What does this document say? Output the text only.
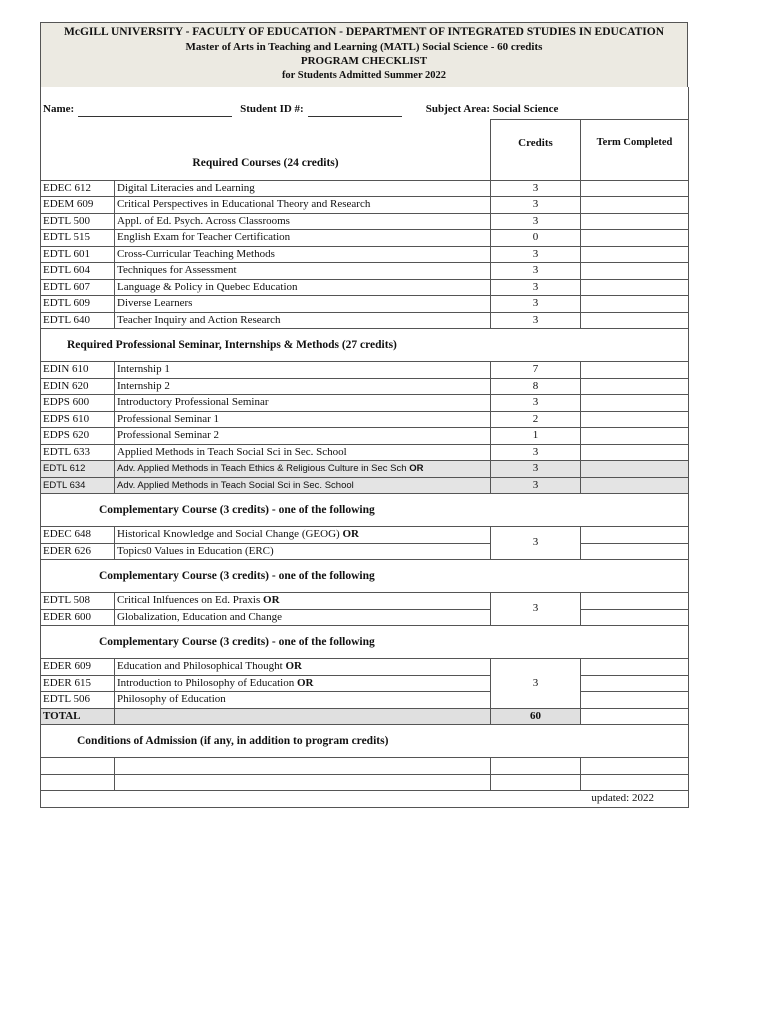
McGILL UNIVERSITY - FACULTY OF EDUCATION - DEPARTMENT OF INTEGRATED STUDIES IN EDUCATION
Master of Arts in Teaching and Learning (MATL) Social Science - 60 credits
PROGRAM CHECKLIST
for Students Admitted Summer 2022
Name: Student ID #: Subject Area: Social Science			

Required Courses (24 credits)		Credits	Term Completed
EDEC 612	Digital Literacies and Learning	3	
EDEM 609	Critical Perspectives in Educational Theory and Research	3	
EDTL 500	Appl. of Ed. Psych. Across Classrooms	3	
EDTL 515	English Exam for Teacher Certification	0	
EDTL 601	Cross-Curricular Teaching Methods	3	
EDTL 604	Techniques for Assessment	3	
EDTL 607	Language & Policy in Quebec Education	3	
EDTL 609	Diverse Learners	3	
EDTL 640	Teacher Inquiry and Action Research	3	
Required Professional Seminar, Internships & Methods (27 credits)			
EDIN 610	Internship 1	7	
EDIN 620	Internship 2	8	
EDPS 600	Introductory Professional Seminar	3	
EDPS 610	Professional Seminar 1	2	
EDPS 620	Professional Seminar 2	1	
EDTL 633	Applied Methods in Teach Social Sci in Sec. School	3	
EDTL 612	Adv. Applied Methods in Teach Ethics & Religious Culture in Sec Sch OR	3	
EDTL 634	Adv. Applied Methods in Teach Social Sci in Sec. School	3	
Complementary Course (3 credits) - one of the following			
EDEC 648	Historical Knowledge and Social Change (GEOG) OR	3	
EDER 626	Topics0 Values in Education (ERC)		
Complementary Course (3 credits) - one of the following			
EDTL 508	Critical Inlfuences on Ed. Praxis OR	3	
EDER 600	Globalization, Education and Change		
Complementary Course (3 credits) - one of the following			
EDER 609	Education and Philosophical Thought OR	3	
EDER 615	Introduction to Philosophy of Education OR		
EDTL 506	Philosophy of Education		
TOTAL		60	
Conditions of Admission (if any, in addition to program credits)			

updated: 2022			
